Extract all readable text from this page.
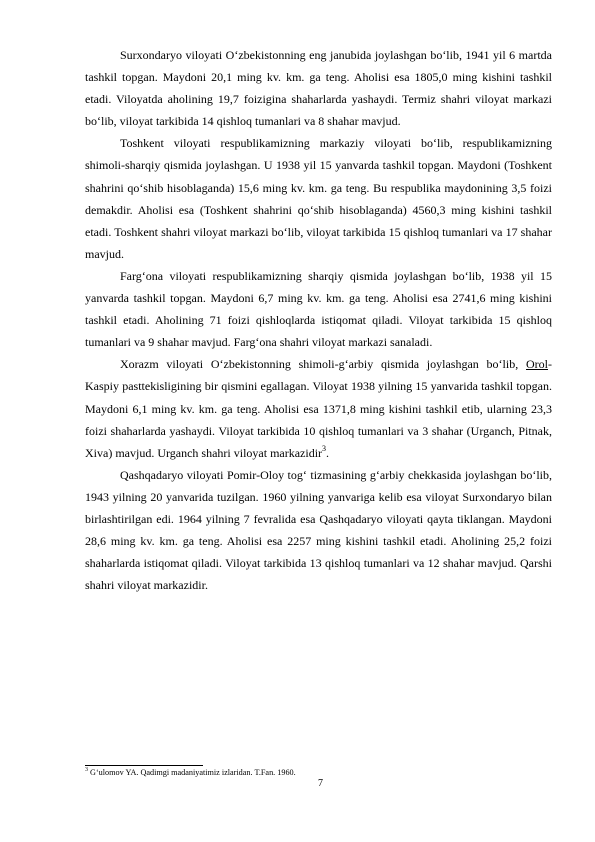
Surxondaryo viloyati O‘zbekistonning eng janubida joylashgan bo‘lib, 1941 yil 6 martda tashkil topgan. Maydoni 20,1 ming kv. km. ga teng. Aholisi esa 1805,0 ming kishini tashkil etadi. Viloyatda aholining 19,7 foizigina shaharlarda yashaydi. Termiz shahri viloyat markazi bo‘lib, viloyat tarkibida 14 qishloq tumanlari va 8 shahar mavjud.

Toshkent viloyati respublikamizning markaziy viloyati bo‘lib, respublikamizning shimoli-sharqiy qismida joylashgan. U 1938 yil 15 yanvarda tashkil topgan. Maydoni (Toshkent shahrini qo‘shib hisoblaganda) 15,6 ming kv. km. ga teng. Bu respublika maydonining 3,5 foizi demakdir. Aholisi esa (Toshkent shahrini qo‘shib hisoblaganda) 4560,3 ming kishini tashkil etadi. Toshkent shahri viloyat markazi bo‘lib, viloyat tarkibida 15 qishloq tumanlari va 17 shahar mavjud.

Farg‘ona viloyati respublikamizning sharqiy qismida joylashgan bo‘lib, 1938 yil 15 yanvarda tashkil topgan. Maydoni 6,7 ming kv. km. ga teng. Aholisi esa 2741,6 ming kishini tashkil etadi. Aholining 71 foizi qishloqlarda istiqomat qiladi. Viloyat tarkibida 15 qishloq tumanlari va 9 shahar mavjud. Farg‘ona shahri viloyat markazi sanaladi.

Xorazm viloyati O‘zbekistonning shimoli-g‘arbiy qismida joylashgan bo‘lib, Orol-Kaspiy pasttekisligining bir qismini egallagan. Viloyat 1938 yilning 15 yanvarida tashkil topgan. Maydoni 6,1 ming kv. km. ga teng. Aholisi esa 1371,8 ming kishini tashkil etib, ularning 23,3 foizi shaharlarda yashaydi. Viloyat tarkibida 10 qishloq tumanlari va 3 shahar (Urganch, Pitnak, Xiva) mavjud. Urganch shahri viloyat markazidir$^3$.

Qashqadaryo viloyati Pomir-Oloy tog‘ tizmasining g‘arbiy chekkasida joylashgan bo‘lib, 1943 yilning 20 yanvarida tuzilgan. 1960 yilning yanvariga kelib esa viloyat Surxondaryo bilan birlashtirilgan edi. 1964 yilning 7 fevralida esa Qashqadaryo viloyati qayta tiklangan. Maydoni 28,6 ming kv. km. ga teng. Aholisi esa 2257 ming kishini tashkil etadi. Aholining 25,2 foizi shaharlarda istiqomat qiladi. Viloyat tarkibida 13 qishloq tumanlari va 12 shahar mavjud. Qarshi shahri viloyat markazidir.

$^3$ G‘ulomov YA. Qadimgi madaniyatimiz izlaridan. T.Fan. 1960.
7
